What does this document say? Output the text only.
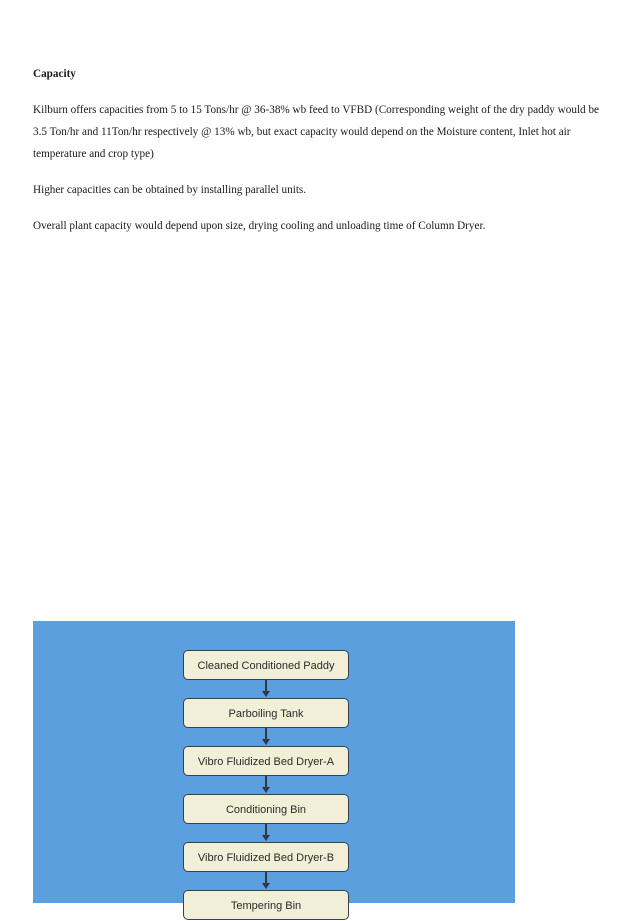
Capacity

Kilburn offers capacities from 5 to 15 Tons/hr @ 36-38% wb feed to VFBD (Corresponding weight of the dry paddy would be 3.5 Ton/hr and 11Ton/hr respectively @ 13% wb, but exact capacity would depend on the Moisture content, Inlet hot air temperature and crop type)

Higher capacities can be obtained by installing parallel units.

Overall plant capacity would depend upon size, drying cooling and unloading time of Column Dryer.

Cleaned Conditioned Paddy
Parboiling Tank
Vibro Fluidized Bed Dryer-A
Conditioning Bin
Vibro Fluidized Bed Dryer-B
Tempering Bin
